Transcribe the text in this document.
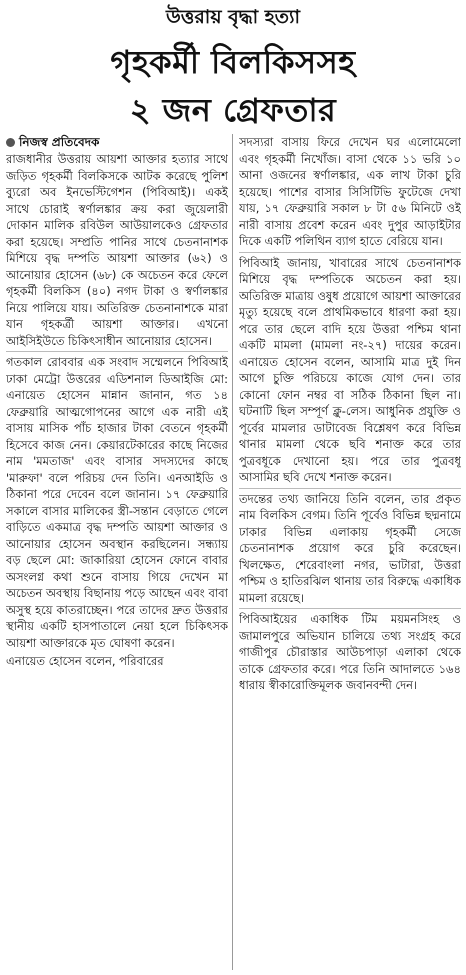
উত্তরায় বৃদ্ধা হত্যা
গৃহকর্মী বিলকিসসহ
২ জন গ্রেফতার
নিজস্ব প্রতিবেদক

রাজধানীর উত্তরায় আয়শা আক্তার হত্যার সাথে জড়িত গৃহকর্মী বিলকিসকে আটক করেছে পুলিশ ব্যুরো অব ইনভেস্টিগেশন (পিবিআই)। একই সাথে চোরাই স্বর্ণালঙ্কার ক্রয় করা জুয়েলারী দোকান মালিক রবিউল আউয়ালকেও গ্রেফতার করা হয়েছে। সম্প্রতি পানির সাথে চেতনানাশক মিশিয়ে বৃদ্ধ দম্পতি আয়শা আক্তার (৬২) ও আনোয়ার হোসেন (৬৮) কে অচেতন করে ফেলে গৃহকর্মী বিলকিস (৪০) নগদ টাকা ও স্বর্ণালঙ্কার নিয়ে পালিয়ে যায়। অতিরিক্ত চেতনানাশকে মারা যান গৃহকর্ত্রী আয়শা আক্তার। এখনো আইসিইউতে চিকিৎসাধীন আনোয়ার হোসেন।

গতকাল রোববার এক সংবাদ সম্মেলনে পিবিআই ঢাকা মেট্রো উত্তরের এডিশনাল ডিআইজি মো: এনায়েত হোসেন মান্নান জানান, গত ১৪ ফেব্রুয়ারি আত্মগোপনের আগে এক নারী এই বাসায় মাসিক পাঁচ হাজার টাকা বেতনে গৃহকর্মী হিসেবে কাজ নেন। কেয়ারটেকারের কাছে নিজের নাম 'মমতাজ' এবং বাসার সদস্যদের কাছে 'মারুফা' বলে পরিচয় দেন তিনি। এনআইডি ও ঠিকানা পরে দেবেন বলে জানান। ১৭ ফেব্রুয়ারি সকালে বাসার মালিকের স্ত্রী-সন্তান বেড়াতে গেলে বাড়িতে একমাত্র বৃদ্ধ দম্পতি আয়শা আক্তার ও আনোয়ার হোসেন অবস্থান করছিলেন। সন্ধ্যায় বড় ছেলে মো: জাকারিয়া হোসেন ফোনে বাবার অসংলগ্ন কথা শুনে বাসায় গিয়ে দেখেন মা অচেতন অবস্থায় বিছানায় পড়ে আছেন এবং বাবা অসুস্থ হয়ে কাতরাচ্ছেন। পরে তাদের দ্রুত উত্তরার স্থানীয় একটি হাসপাতালে নেয়া হলে চিকিৎসক আয়শা আক্তারকে মৃত ঘোষণা করেন।

এনায়েত হোসেন বলেন, পরিবারের

সদস্যরা বাসায় ফিরে দেখেন ঘর এলোমেলো এবং গৃহকর্মী নিখোঁজ। বাসা থেকে ১১ ভরি ১০ আনা ওজনের স্বর্ণালঙ্কার, এক লাখ টাকা চুরি হয়েছে। পাশের বাসার সিসিটিভি ফুটেজে দেখা যায়, ১৭ ফেব্রুয়ারি সকাল ৮ টা ৫৬ মিনিটে ওই নারী বাসায় প্রবেশ করেন এবং দুপুর আড়াইটার দিকে একটি পলিথিন ব্যাগ হাতে বেরিয়ে যান।

পিবিআই জানায়, খাবারের সাথে চেতনানাশক মিশিয়ে বৃদ্ধ দম্পতিকে অচেতন করা হয়। অতিরিক্ত মাত্রায় ওষুধ প্রয়োগে আয়শা আক্তারের মৃত্যু হয়েছে বলে প্রাথমিকভাবে ধারণা করা হয়। পরে তার ছেলে বাদি হয়ে উত্তরা পশ্চিম থানা একটি মামলা (মামলা নং-২৭) দায়ের করেন। এনায়েত হোসেন বলেন, আসামি মাত্র দুই দিন আগে চুক্তি পরিচয়ে কাজে যোগ দেন। তার কোনো ফোন নম্বর বা সঠিক ঠিকানা ছিল না। ঘটনাটি ছিল সম্পূর্ণ ক্লু-লেস। আধুনিক প্রযুক্তি ও পূর্বের মামলার ডাটাবেজ বিশ্লেষণ করে বিভিন্ন থানার মামলা থেকে ছবি শনাক্ত করে তার পুত্রবধূকে দেখানো হয়। পরে তার পুত্রবধূ আসামির ছবি দেখে শনাক্ত করেন।

তদন্তের তথ্য জানিয়ে তিনি বলেন, তার প্রকৃত নাম বিলকিস বেগম। তিনি পূর্বেও বিভিন্ন ছদ্মনামে ঢাকার বিভিন্ন এলাকায় গৃহকর্মী সেজে চেতনানাশক প্রয়োগ করে চুরি করেছেন। খিলক্ষেত, শেরেবাংলা নগর, ভাটারা, উত্তরা পশ্চিম ও হাতিরঝিল থানায় তার বিরুদ্ধে একাধিক মামলা রয়েছে।

পিবিআইয়ের একাধিক টিম ময়মনসিংহ ও জামালপুরে অভিযান চালিয়ে তথ্য সংগ্রহ করে গাজীপুর চৌরাস্তার আউচপাড়া এলাকা থেকে তাকে গ্রেফতার করে। পরে তিনি আদালতে ১৬৪ ধারায় স্বীকারোক্তিমূলক জবানবন্দী দেন।
